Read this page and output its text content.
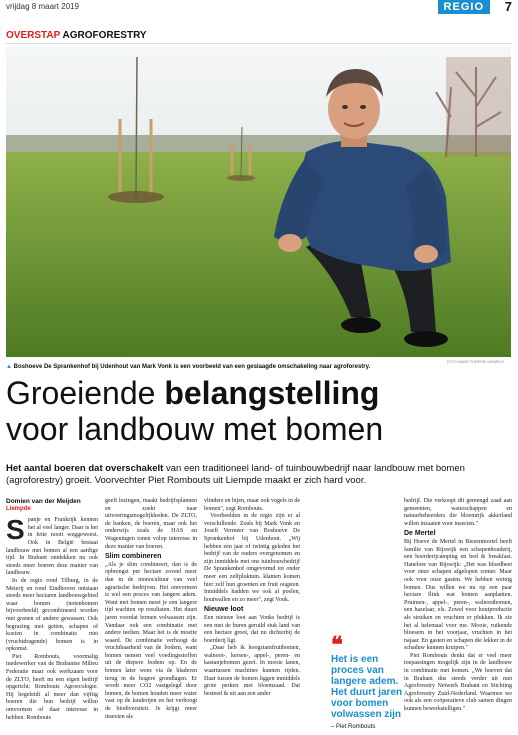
vrijdag 8 maart 2019	REGIO	7
·
OVERSTAP AGROFORESTRY
FOTO MARIE-THERESE KIEWIELS
▲ Boshoeve De Sprankenhof bij Udenhout van Mark Vonk is een voorbeeld van een geslaagde omschakeling naar agroforestry.
Groeiende belangstelling
voor landbouw met bomen
Het aantal boeren dat overschakelt van een traditioneel land- of tuinbouwbedrijf naar landbouw met bomen (agroforestry) groeit. Voorvechter Piet Rombouts uit Liempde maakt er zich hard voor.
Domien van der Meijden
Liempde
S panje en Frankrijk kennen het al veel langer. Daar is het in feite nooit weggeweest. Ook in België bestaat landbouw met bomen al een aardige tijd. In Brabant ontdekken nu ook steeds meer boeren deze manier van landbouw.

In de regio rond Tilburg, in de Meierij en rond Eindhoven ontstaan steeds meer hectaren landbouwgebied waar bomen (notenbomen bijvoorbeeld) gecombineerd worden met granen of andere gewassen. Ook begrazing met geiten, schapen of koeien in combinatie met (vruchtdragende) bomen is in opkomst.

Piet Rombouts, voormalig medewerker van de Brabantse Milieu Federatie maar ook werkzaam voor de ZLTO, heeft nu een eigen bedrijf opgericht: Rombouts Agroecologie. Hij begeleidt al meer dan vijftig boeren die hun bedrijf willen omvormen of daar interesse in hebben. Rombouts

geeft lezingen, maakt bedrijfsplannen en zoekt naar uitvoeringsmogelijkheden. De ZLTO, de banken, de boeren, maar ook het onderwijs zoals de HAS en Wageningen tonen volop interesse in deze manier van boeren.

Slim combineren

„Als je slim combineert, dan is de opbrengst per hectare zoveel meer dan in de monocultuur van veel agrarische bedrijven. Het omvormen is wel een proces van langere adem. Want met bomen moet je een langere tijd wachten op resultaten. Het duurt jaren voordat bomen volwassen zijn. Vandaar ook een combinatie met andere teelten. Maar het is de moeite waard. De combinatie verhoogt de vruchtbaarheid van de bodem, want bomen nemen veel voedingsstoffen uit de diepere bodem op. En de bomen later wees via de bladeren terug in de hogere grondlagen. Er wordt meer CO2 vastgelegd door bomen, de bomen houden meer water vast op de landerijen en het verhoogt de biodiversiteit. Je krijgt meer insecten als

vlinders en bijen, maar ook vogels in de bomen", zegt Rombouts.

Voorbeelden in de regio zijn er al verschillende. Zoals bij Mark Vonk en Joseft Vermeer van Boshoeve De Sprankenhof bij Udenhout. „Wij hebben een jaar of twintig geleden het bedrijf van de ouders overgenomen en zijn inmiddels met ons tuinbouwbedrijf De Sprankenhof omgevormd tot onder meer een zelfpluktuin. klanten komen hier zelf hun groenten en fruit oogsten. Inmiddels hadden we ook al poelen, houtwallen en zo meer", zegt Vonk.

Nieuwe loot

Een nieuwe loot aan Vonks bedrijf is een met de buren geruild stuk land van een hectare groot, dat nu dichterbij de boerderij ligt.

„Daar heb ik hoogstamfruitbomen, walnoot-, kersen-, appel-, peren- en kastanjebomen gezet. In mooie lanen, waartussen machines kunnen rijden. Daar tussen de bomen liggen inmiddels grote perken met bloemzaad. Dat besteed ik uit aan een ander

❝
Het is een proces van langere adem. Het duurt jaren voor bomen volwassen zijn
– Piet Rombouts

bedrijf. Die verkoopt dit gemengd zaad aan gemeenten, waterschappen en natuurbeheerders die bloemrijk akkerland willen inzaaien voor insecten."

De Mertel

Bij Hoeve de Mertel in Biezenmortel heeft familie van Rijswijk een schapenhouderij, een boerderijcamping en bed & breakfast. Hanelore van Rijswijk: „Het was bloedheet voor onze schapen afgelopen zomer. Maar ook voor onze gasten. We hebben weinig bomen. Dus willen we nu op een paar hectare flink wat bomen aanplanten. Pruimen-, appel-, peren-, walnootbomen, een hazelaar, els. Zowel voor houtproductie als struiken en vruchten er plukken. Ik zie het al helemaal voor me. Mooie, ruikende bloesem in het voorjaar, vruchten in het najaar. En gasten en schapen die lekker in de schaduw kunnen kruipen."

Piet Rombouts denkt dat er veel meer toepassingen mogelijk zijn in de landbouw in combinatie met bomen. „We hoeven dat in Brabant dus steeds verder uit met Agroforestry Netwerk Brabant en Stichting Agroforestry Zuid-Nederland. Waarmee we ook als een coöperatieve club samen dingen kunnen bewerkstelligen."
